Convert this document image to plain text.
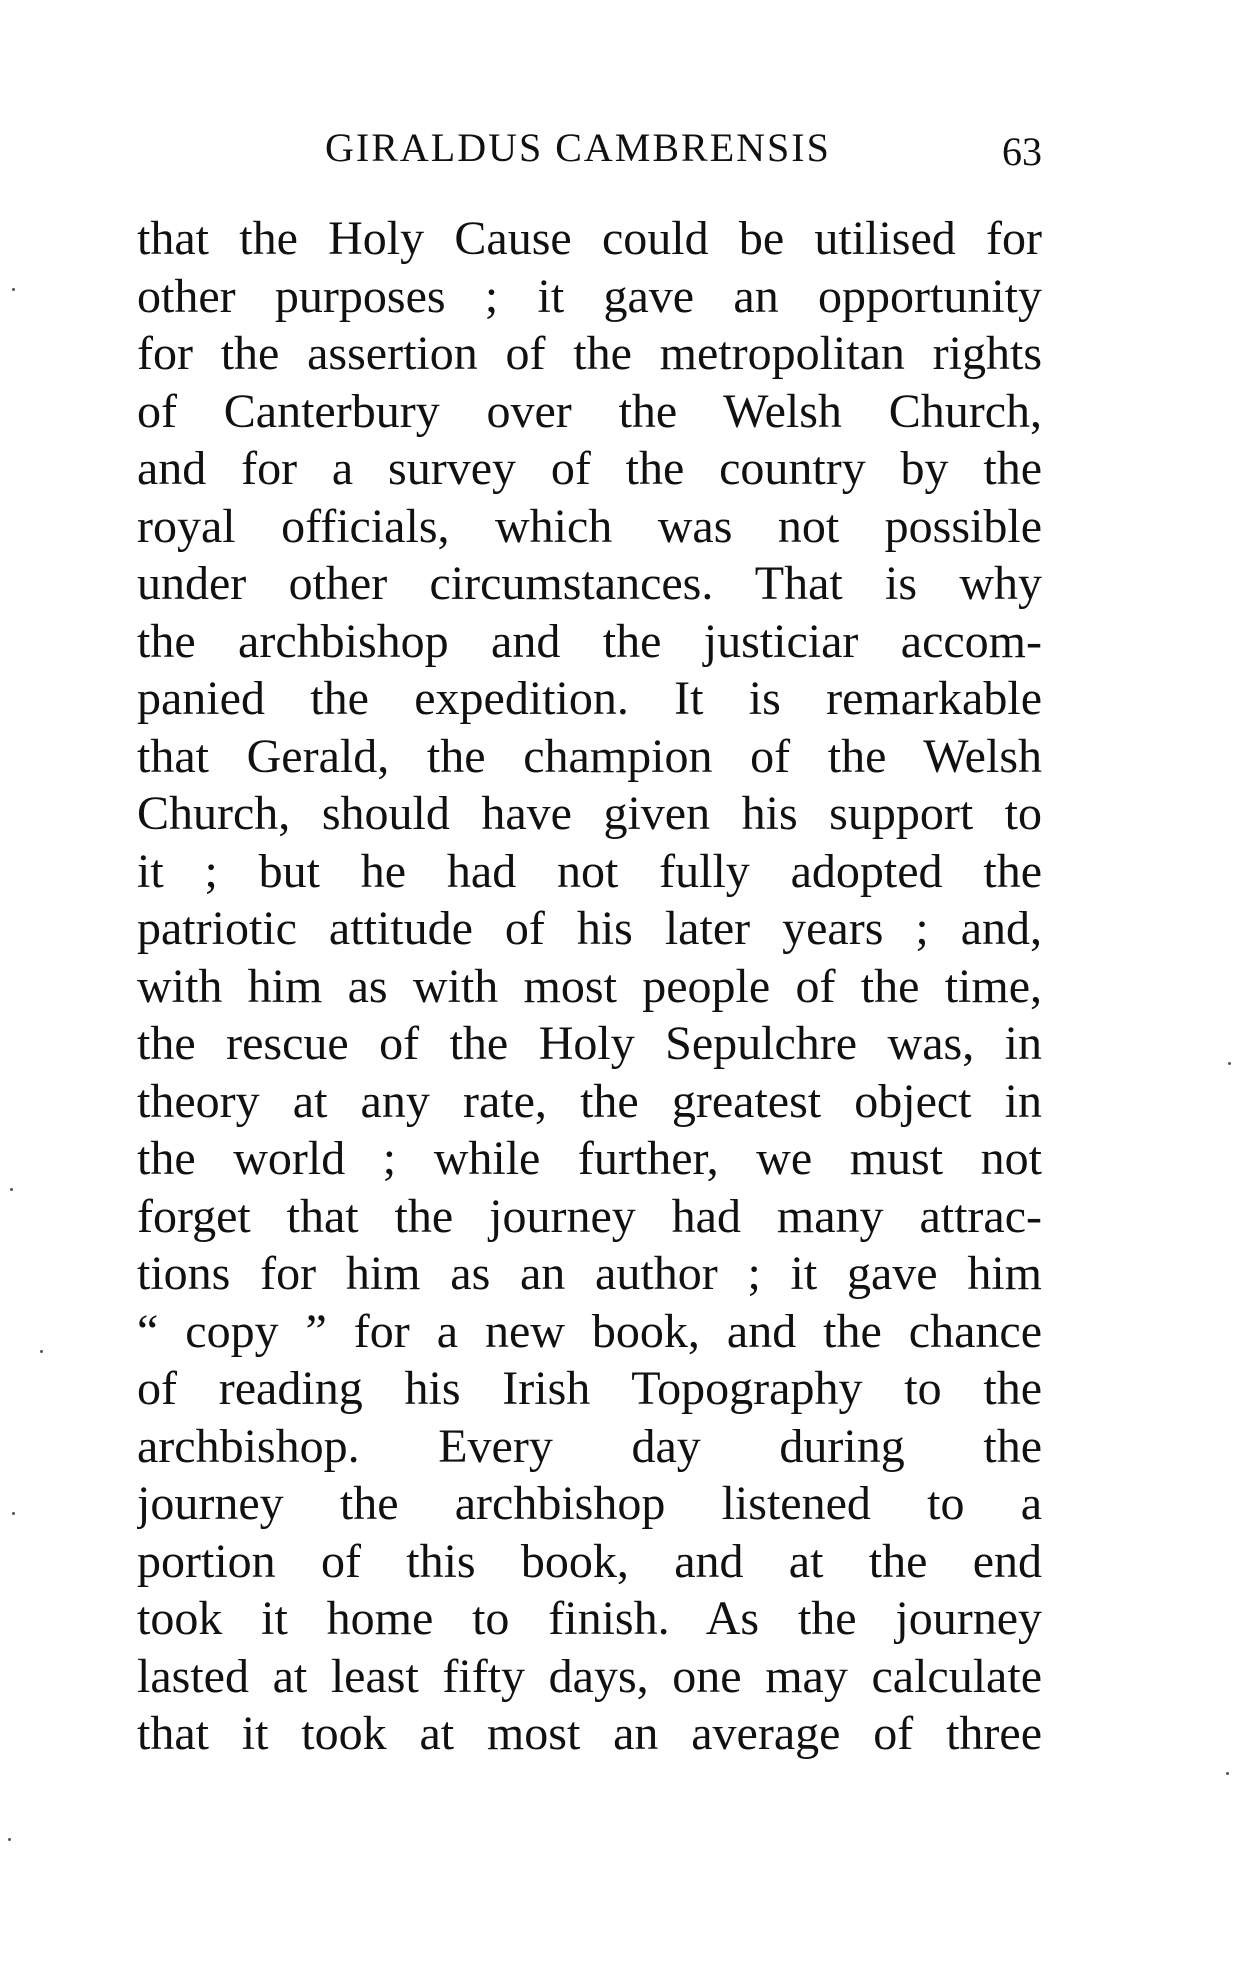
GIRALDUS CAMBRENSIS	63
that the Holy Cause could be utilised for
other purposes ; it gave an opportunity
for the assertion of the metropolitan rights
of Canterbury over the Welsh Church,
and for a survey of the country by the
royal officials, which was not possible
under other circumstances. That is why
the archbishop and the justiciar accom-
panied the expedition. It is remarkable
that Gerald, the champion of the Welsh
Church, should have given his support to
it ; but he had not fully adopted the
patriotic attitude of his later years ; and,
with him as with most people of the time,
the rescue of the Holy Sepulchre was, in
theory at any rate, the greatest object in
the world ; while further, we must not
forget that the journey had many attrac-
tions for him as an author ; it gave him
“ copy ” for a new book, and the chance
of reading his Irish Topography to the
archbishop. Every day during the
journey the archbishop listened to a
portion of this book, and at the end
took it home to finish. As the journey
lasted at least fifty days, one may calculate
that it took at most an average of three
